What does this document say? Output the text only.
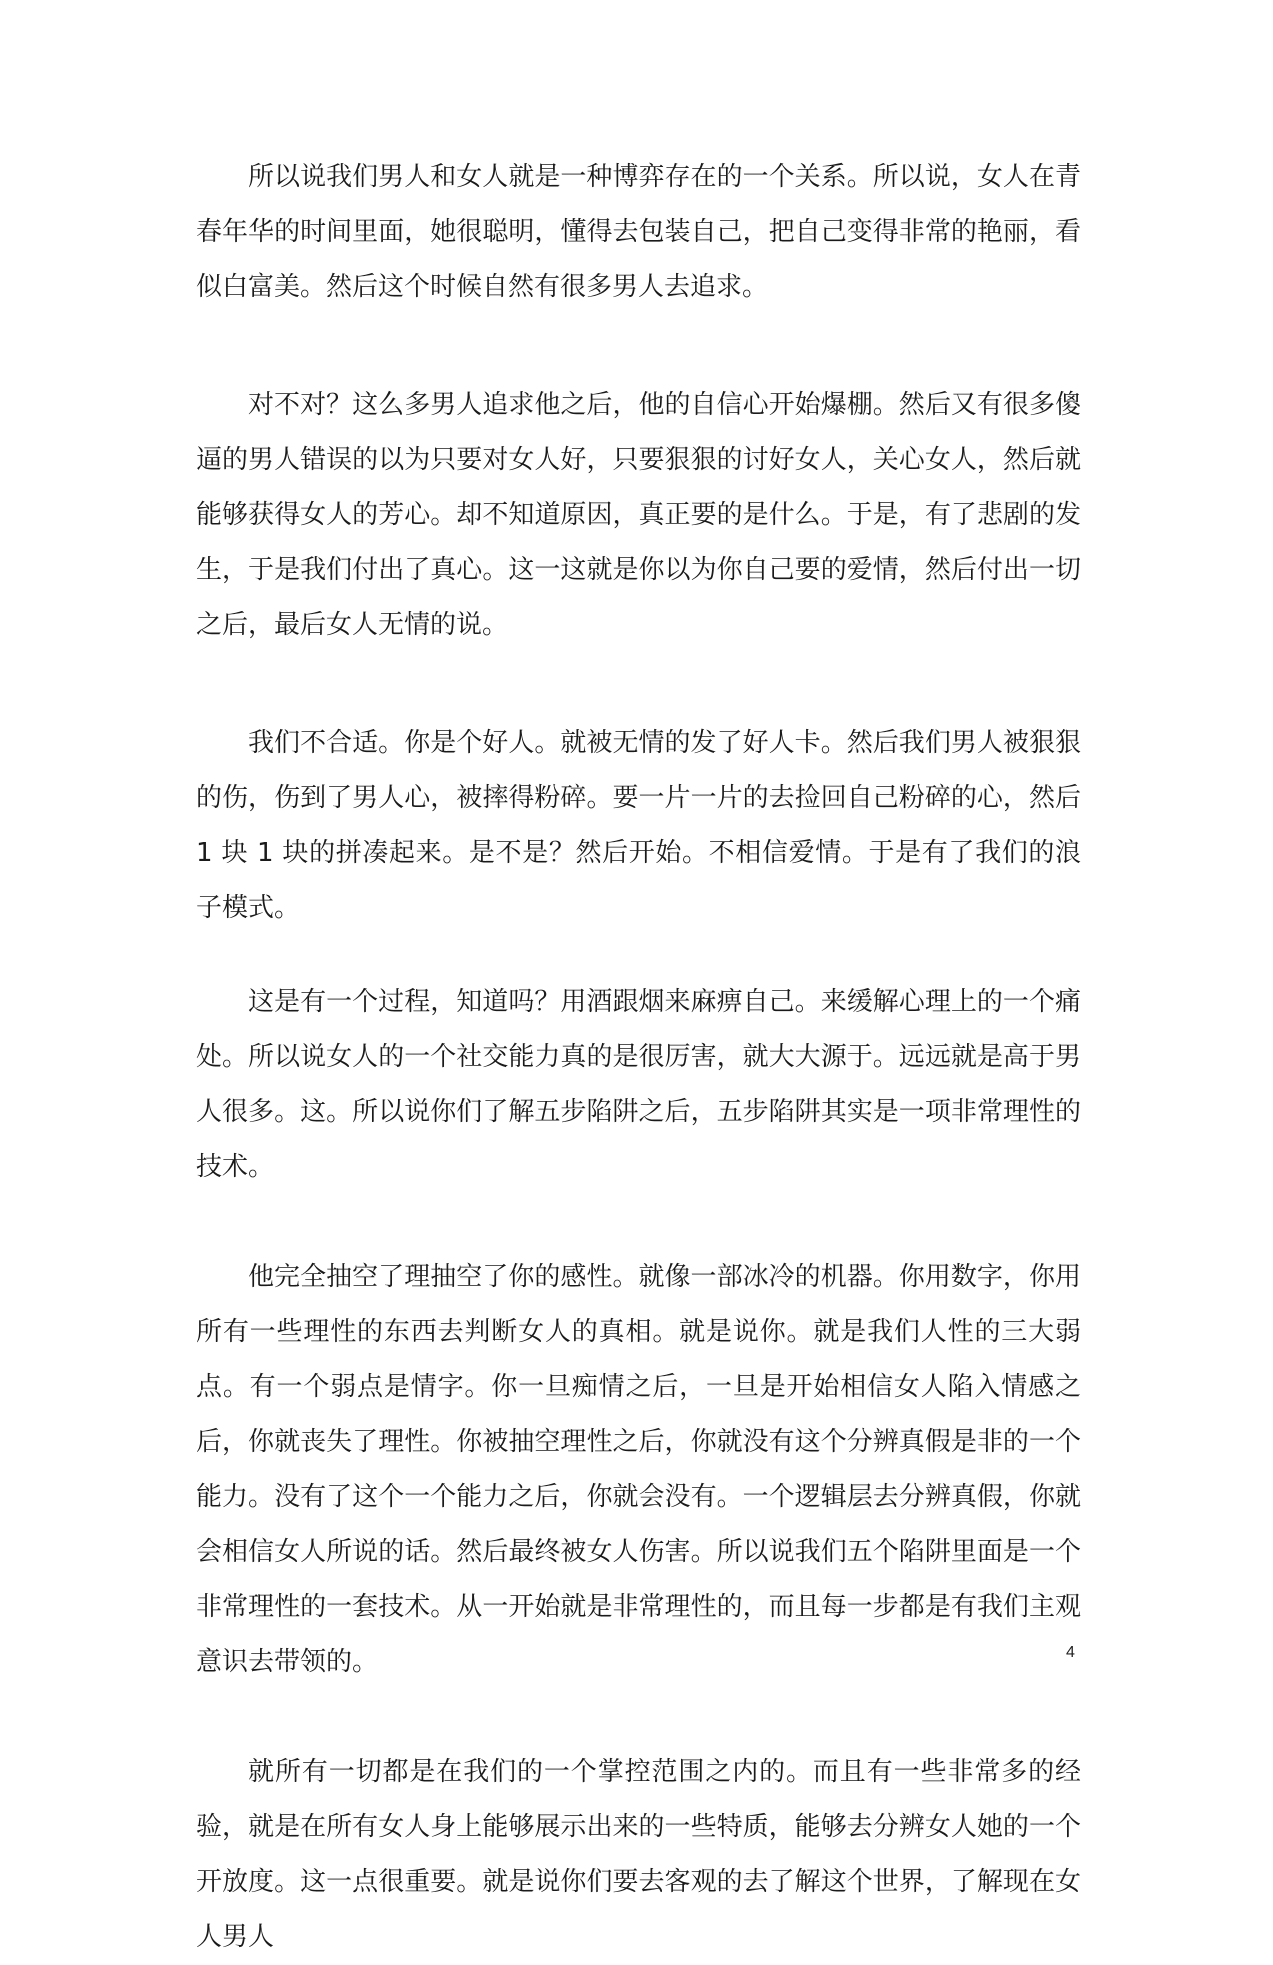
所以说我们男人和女人就是一种博弈存在的一个关系。所以说，女人在青春年华的时间里面，她很聪明，懂得去包装自己，把自己变得非常的艳丽，看似白富美。然后这个时候自然有很多男人去追求。

对不对？这么多男人追求他之后，他的自信心开始爆棚。然后又有很多傻逼的男人错误的以为只要对女人好，只要狠狠的讨好女人，关心女人，然后就能够获得女人的芳心。却不知道原因，真正要的是什么。于是，有了悲剧的发生，于是我们付出了真心。这一这就是你以为你自己要的爱情，然后付出一切之后，最后女人无情的说。

我们不合适。你是个好人。就被无情的发了好人卡。然后我们男人被狠狠的伤，伤到了男人心，被摔得粉碎。要一片一片的去捡回自己粉碎的心，然后 1 块 1 块的拼凑起来。是不是？然后开始。不相信爱情。于是有了我们的浪子模式。

这是有一个过程，知道吗？用酒跟烟来麻痹自己。来缓解心理上的一个痛处。所以说女人的一个社交能力真的是很厉害，就大大源于。远远就是高于男人很多。这。所以说你们了解五步陷阱之后，五步陷阱其实是一项非常理性的技术。

他完全抽空了理抽空了你的感性。就像一部冰冷的机器。你用数字，你用所有一些理性的东西去判断女人的真相。就是说你。就是我们人性的三大弱点。有一个弱点是情字。你一旦痴情之后，一旦是开始相信女人陷入情感之后，你就丧失了理性。你被抽空理性之后，你就没有这个分辨真假是非的一个能力。没有了这个一个能力之后，你就会没有。一个逻辑层去分辨真假，你就会相信女人所说的话。然后最终被女人伤害。所以说我们五个陷阱里面是一个非常理性的一套技术。从一开始就是非常理性的，而且每一步都是有我们主观意识去带领的。

就所有一切都是在我们的一个掌控范围之内的。而且有一些非常多的经验，就是在所有女人身上能够展示出来的一些特质，能够去分辨女人她的一个开放度。这一点很重要。就是说你们要去客观的去了解这个世界，了解现在女人男人

4
